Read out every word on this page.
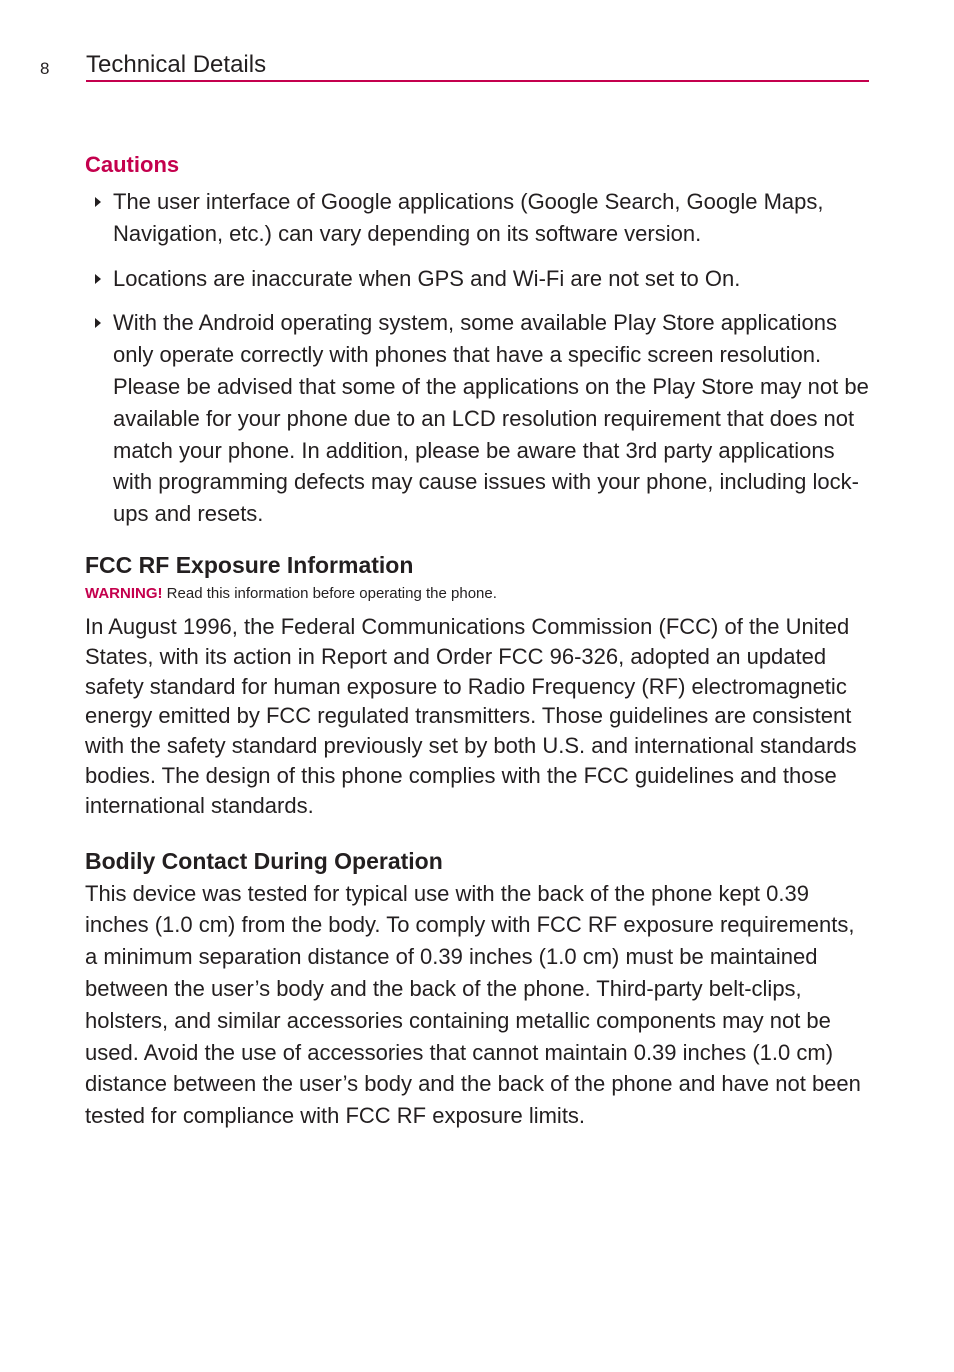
8 Technical Details
Cautions
The user interface of Google applications (Google Search, Google Maps, Navigation, etc.) can vary depending on its software version.
Locations are inaccurate when GPS and Wi-Fi are not set to On.
With the Android operating system, some available Play Store applications only operate correctly with phones that have a specific screen resolution. Please be advised that some of the applications on the Play Store may not be available for your phone due to an LCD resolution requirement that does not match your phone. In addition, please be aware that 3rd party applications with programming defects may cause issues with your phone, including lock-ups and resets.
FCC RF Exposure Information
WARNING! Read this information before operating the phone.

In August 1996, the Federal Communications Commission (FCC) of the United States, with its action in Report and Order FCC 96-326, adopted an updated safety standard for human exposure to Radio Frequency (RF) electromagnetic energy emitted by FCC regulated transmitters. Those guidelines are consistent with the safety standard previously set by both U.S. and international standards bodies. The design of this phone complies with the FCC guidelines and those international standards.

Bodily Contact During Operation

This device was tested for typical use with the back of the phone kept 0.39 inches (1.0 cm) from the body. To comply with FCC RF exposure requirements, a minimum separation distance of 0.39 inches (1.0 cm) must be maintained between the user’s body and the back of the phone. Third-party belt-clips, holsters, and similar accessories containing metallic components may not be used. Avoid the use of accessories that cannot maintain 0.39 inches (1.0 cm) distance between the user’s body and the back of the phone and have not been tested for compliance with FCC RF exposure limits.
